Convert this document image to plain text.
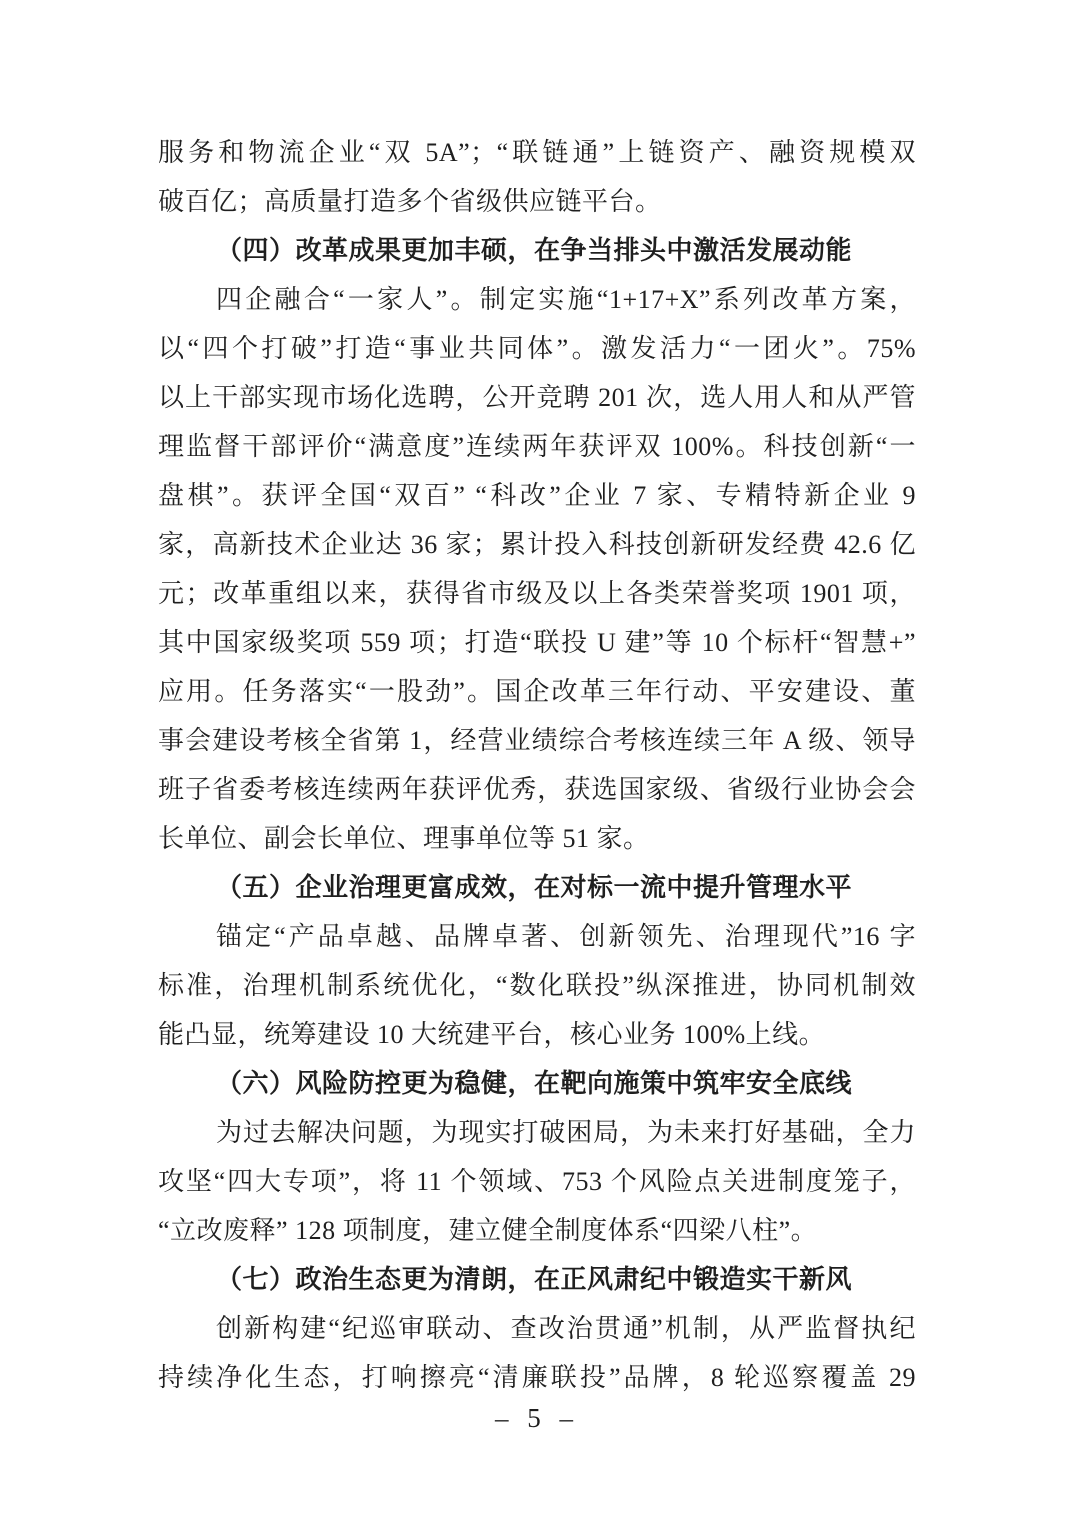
服务和物流企业“双 5A”；“联链通”上链资产、融资规模双
破百亿；高质量打造多个省级供应链平台。
（四）改革成果更加丰硕，在争当排头中激活发展动能
四企融合“一家人”。制定实施“1+17+X”系列改革方案，
以“四个打破”打造“事业共同体”。激发活力“一团火”。75%
以上干部实现市场化选聘，公开竞聘 201 次，选人用人和从严管
理监督干部评价“满意度”连续两年获评双 100%。科技创新“一
盘棋”。获评全国“双百” “科改”企业 7 家、专精特新企业 9
家，高新技术企业达 36 家；累计投入科技创新研发经费 42.6 亿
元；改革重组以来，获得省市级及以上各类荣誉奖项 1901 项，
其中国家级奖项 559 项；打造“联投 U 建”等 10 个标杆“智慧+”
应用。任务落实“一股劲”。国企改革三年行动、平安建设、董
事会建设考核全省第 1，经营业绩综合考核连续三年 A 级、领导
班子省委考核连续两年获评优秀，获选国家级、省级行业协会会
长单位、副会长单位、理事单位等 51 家。
（五）企业治理更富成效，在对标一流中提升管理水平
锚定“产品卓越、品牌卓著、创新领先、治理现代”16 字
标准，治理机制系统优化，“数化联投”纵深推进，协同机制效
能凸显，统筹建设 10 大统建平台，核心业务 100%上线。
（六）风险防控更为稳健，在靶向施策中筑牢安全底线
为过去解决问题，为现实打破困局，为未来打好基础，全力
攻坚“四大专项”，将 11 个领域、753 个风险点关进制度笼子，
“立改废释” 128 项制度，建立健全制度体系“四梁八柱”。
（七）政治生态更为清朗，在正风肃纪中锻造实干新风
创新构建“纪巡审联动、查改治贯通”机制，从严监督执纪
持续净化生态，打响擦亮“清廉联投”品牌，8 轮巡察覆盖 29
– 5 –
